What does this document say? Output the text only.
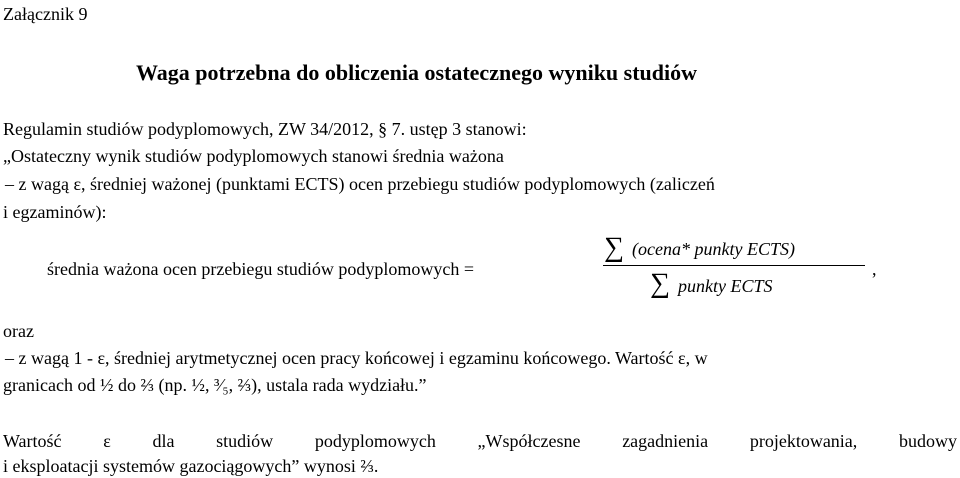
Załącznik 9
Waga potrzebna do obliczenia ostatecznego wyniku studiów
Regulamin studiów podyplomowych, ZW 34/2012, § 7. ustęp 3 stanowi:
„Ostateczny wynik studiów podyplomowych stanowi średnia ważona
– z wagą ε, średniej ważonej (punktami ECTS) ocen przebiegu studiów podyplomowych (zaliczeń
i egzaminów):
średnia ważona ocen przebiegu studiów podyplomowych =
∑ (ocena* punkty ECTS)
∑ punkty ECTS
,
oraz
– z wagą 1 - ε, średniej arytmetycznej ocen pracy końcowej i egzaminu końcowego. Wartość ε, w
granicach od ½ do ⅔ (np. ½, ³⁄₅, ⅔), ustala rada wydziału.”
Wartość ε dla studiów podyplomowych „Współczesne zagadnienia projektowania, budowy
i eksploatacji systemów gazociągowych” wynosi ⅔.
